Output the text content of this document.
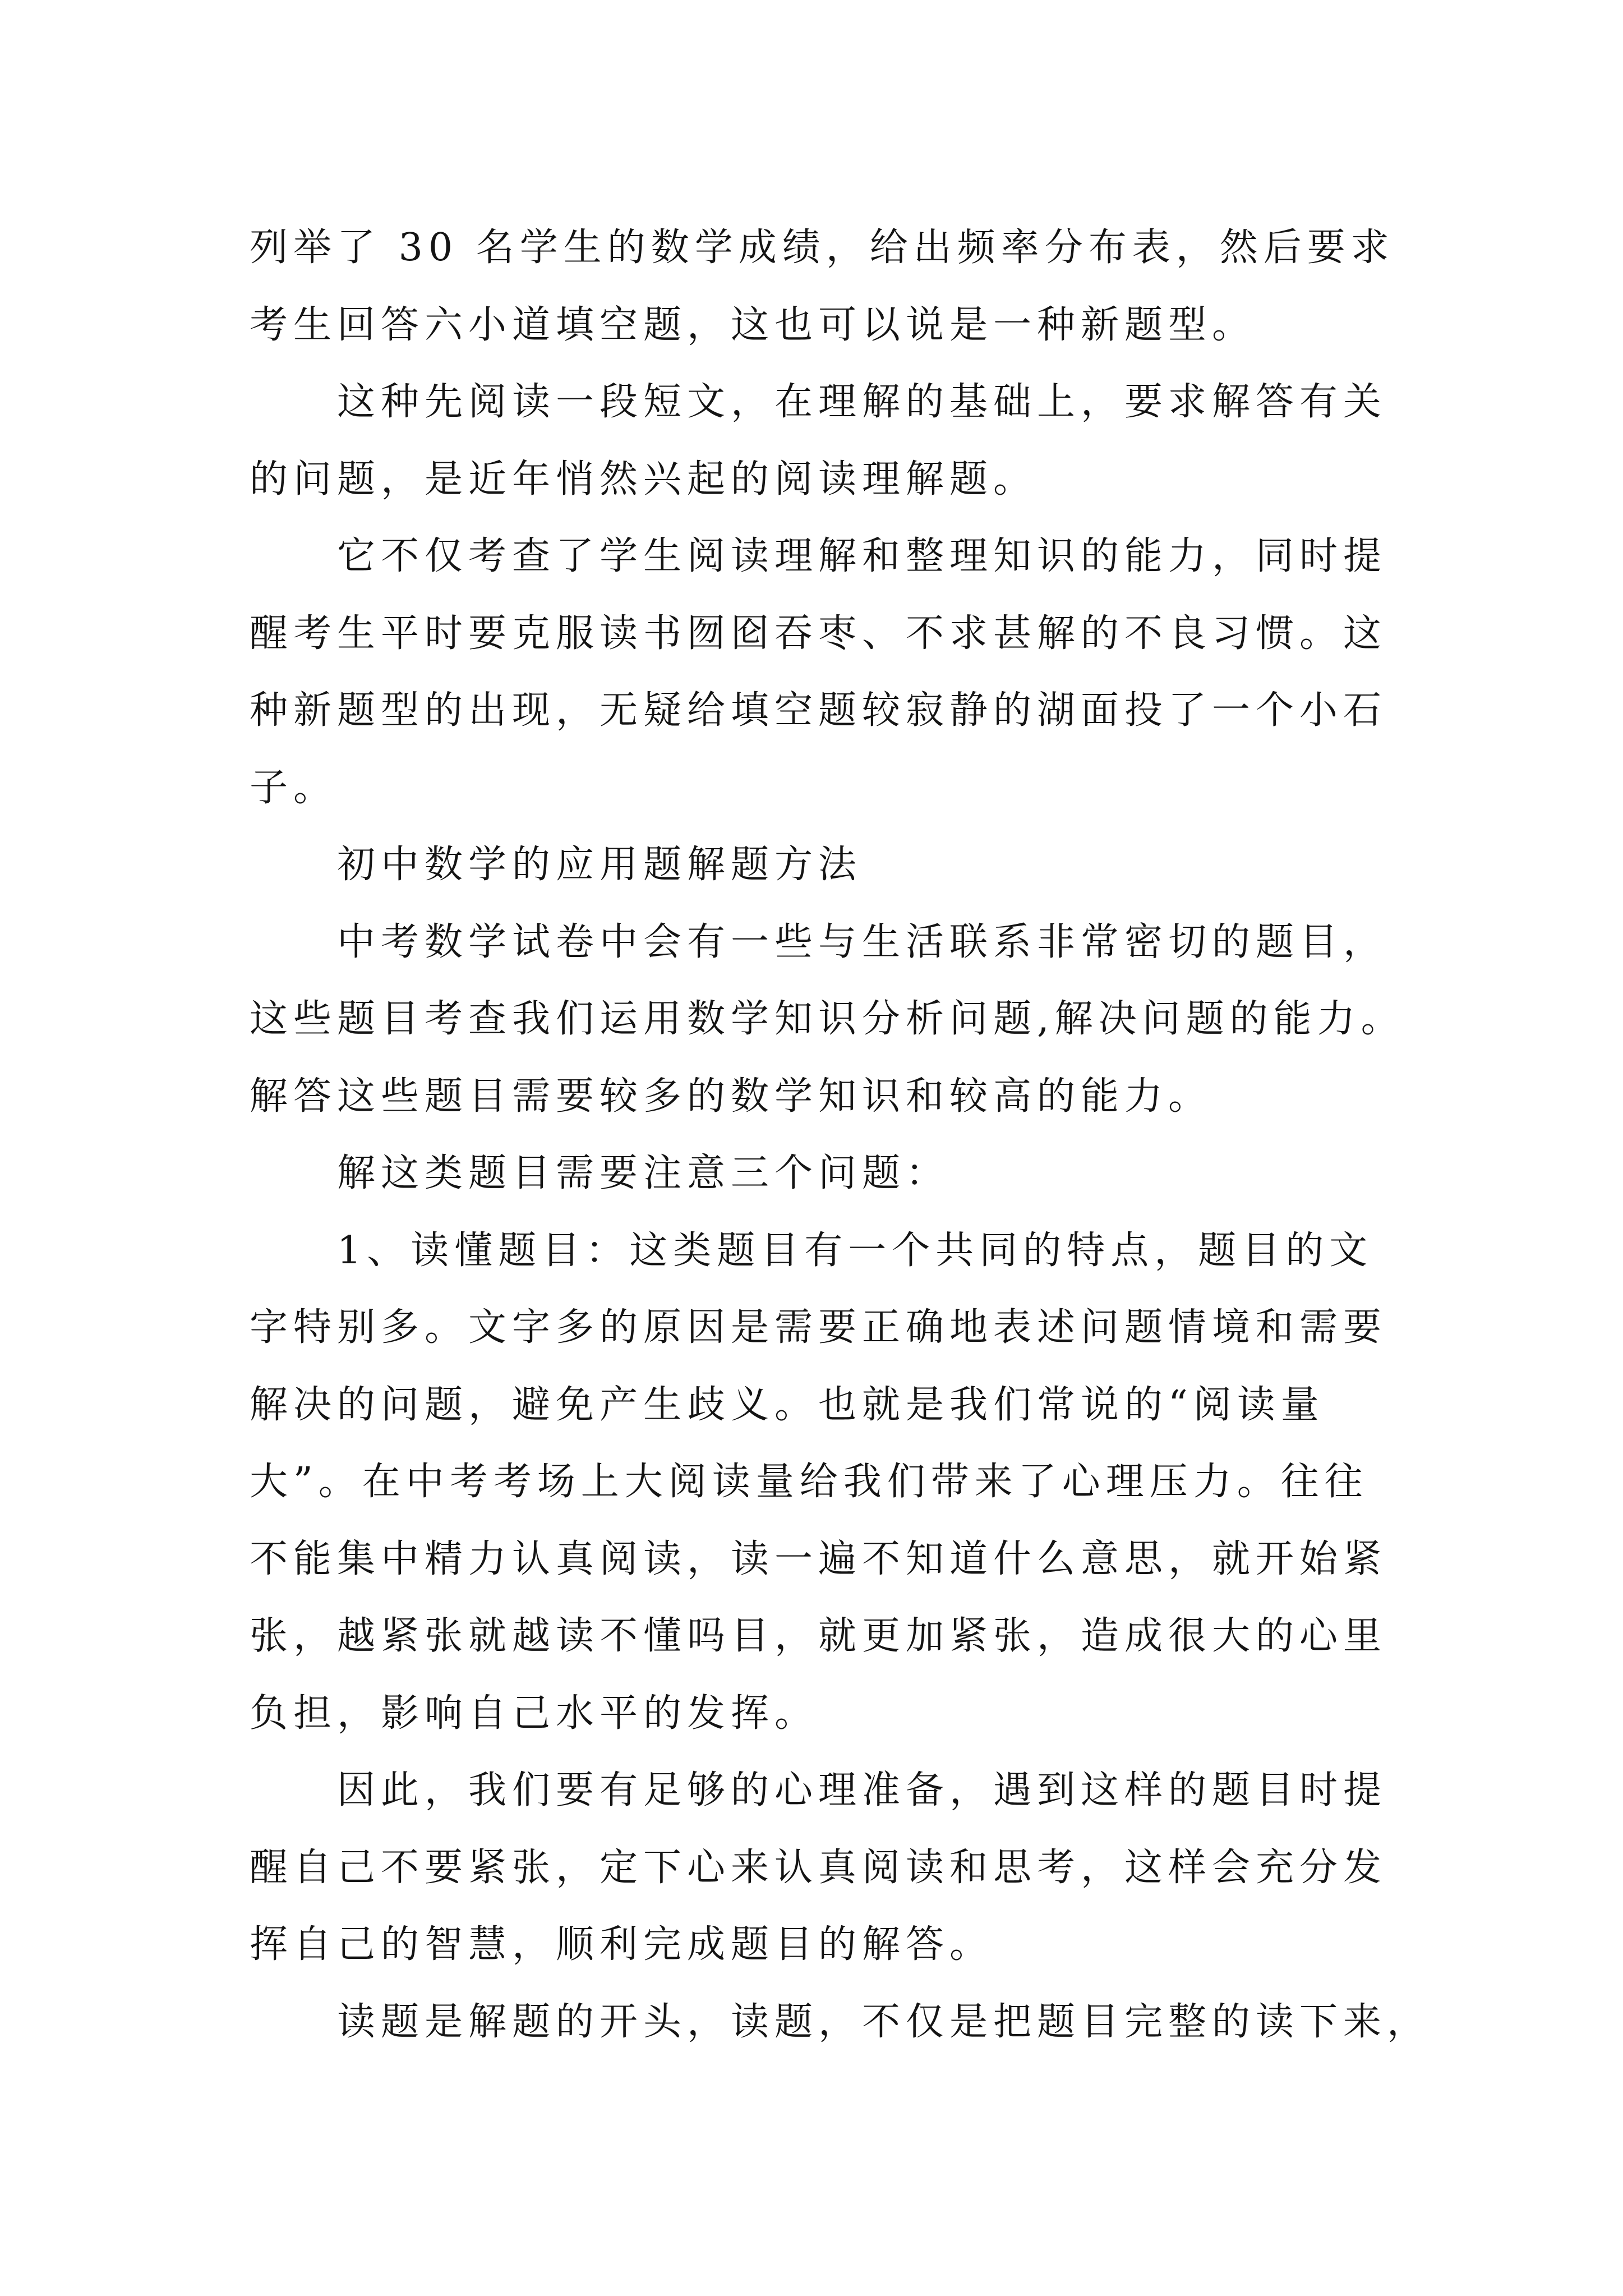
列举了 30 名学生的数学成绩，给出频率分布表，然后要求
考生回答六小道填空题，这也可以说是一种新题型。
这种先阅读一段短文，在理解的基础上，要求解答有关
的问题，是近年悄然兴起的阅读理解题。
它不仅考查了学生阅读理解和整理知识的能力，同时提
醒考生平时要克服读书囫囵吞枣、不求甚解的不良习惯。这
种新题型的出现，无疑给填空题较寂静的湖面投了一个小石
子。
初中数学的应用题解题方法
中考数学试卷中会有一些与生活联系非常密切的题目，
这些题目考查我们运用数学知识分析问题,解决问题的能力。
解答这些题目需要较多的数学知识和较高的能力。
解这类题目需要注意三个问题：
1、读懂题目：这类题目有一个共同的特点，题目的文
字特别多。文字多的原因是需要正确地表述问题情境和需要
解决的问题，避免产生歧义。也就是我们常说的“阅读量
大”。在中考考场上大阅读量给我们带来了心理压力。往往
不能集中精力认真阅读，读一遍不知道什么意思，就开始紧
张，越紧张就越读不懂吗目，就更加紧张，造成很大的心里
负担，影响自己水平的发挥。
因此，我们要有足够的心理准备，遇到这样的题目时提
醒自己不要紧张，定下心来认真阅读和思考，这样会充分发
挥自己的智慧，顺利完成题目的解答。
读题是解题的开头，读题，不仅是把题目完整的读下来，
